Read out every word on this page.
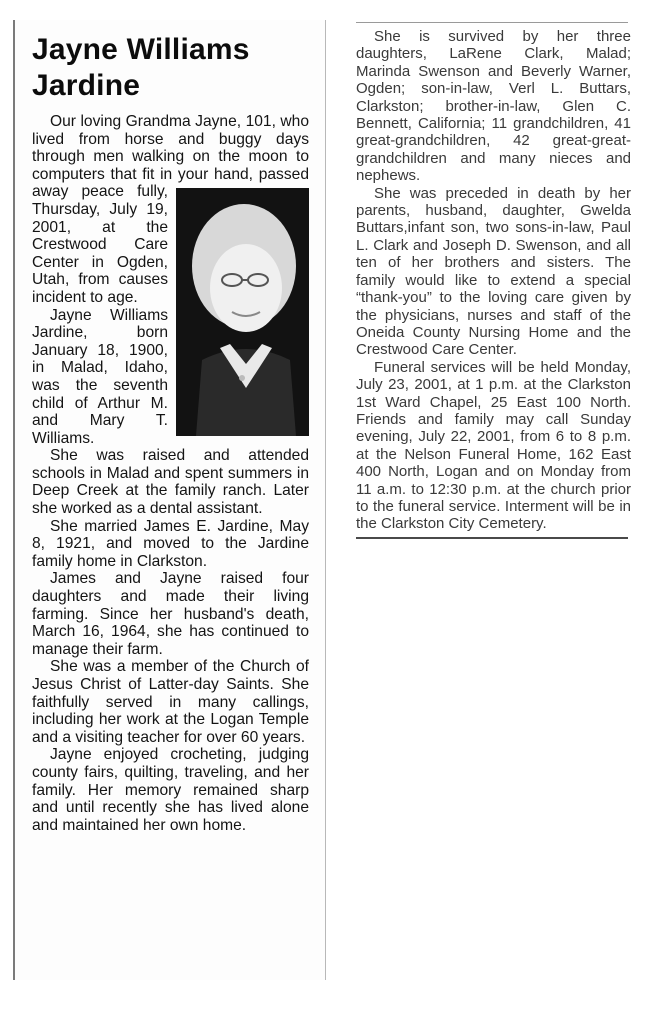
Jayne Williams Jardine

Our loving Grandma Jayne, 101, who lived from horse and buggy days through men walking on the moon to computers that fit in your hand, passed away peace fully, Thursday, July 19, 2001, at the Crestwood Care Center in Ogden, Utah, from causes incident to age.

Jayne Williams Jardine, born January 18, 1900, in Malad, Idaho, was the seventh child of Arthur M. and Mary T. Williams.

She was raised and attended schools in Malad and spent summers in Deep Creek at the family ranch. Later she worked as a dental assistant.

She married James E. Jardine, May 8, 1921, and moved to the Jardine family home in Clarkston.

James and Jayne raised four daughters and made their living farming. Since her husband's death, March 16, 1964, she has continued to manage their farm.

She was a member of the Church of Jesus Christ of Latter-day Saints. She faithfully served in many callings, including her work at the Logan Temple and a visiting teacher for over 60 years.

Jayne enjoyed crocheting, judging county fairs, quilting, traveling, and her family. Her memory remained sharp and until recently she has lived alone and maintained her own home.

She is survived by her three daughters, LaRene Clark, Malad; Marinda Swenson and Beverly Warner, Ogden; son-in-law, Verl L. Buttars, Clarkston; brother-in-law, Glen C. Bennett, California; 11 grandchildren, 41 great-grandchildren, 42 great-great-grandchildren and many nieces and nephews.

She was preceded in death by her parents, husband, daughter, Gwelda Buttars,infant son, two sons-in-law, Paul L. Clark and Joseph D. Swenson, and all ten of her brothers and sisters. The family would like to extend a special “thank-you” to the loving care given by the physicians, nurses and staff of the Oneida County Nursing Home and the Crestwood Care Center.

Funeral services will be held Monday, July 23, 2001, at 1 p.m. at the Clarkston 1st Ward Chapel, 25 East 100 North. Friends and family may call Sunday evening, July 22, 2001, from 6 to 8 p.m. at the Nelson Funeral Home, 162 East 400 North, Logan and on Monday from 11 a.m. to 12:30 p.m. at the church prior to the funeral service. Interment will be in the Clarkston City Cemetery.
